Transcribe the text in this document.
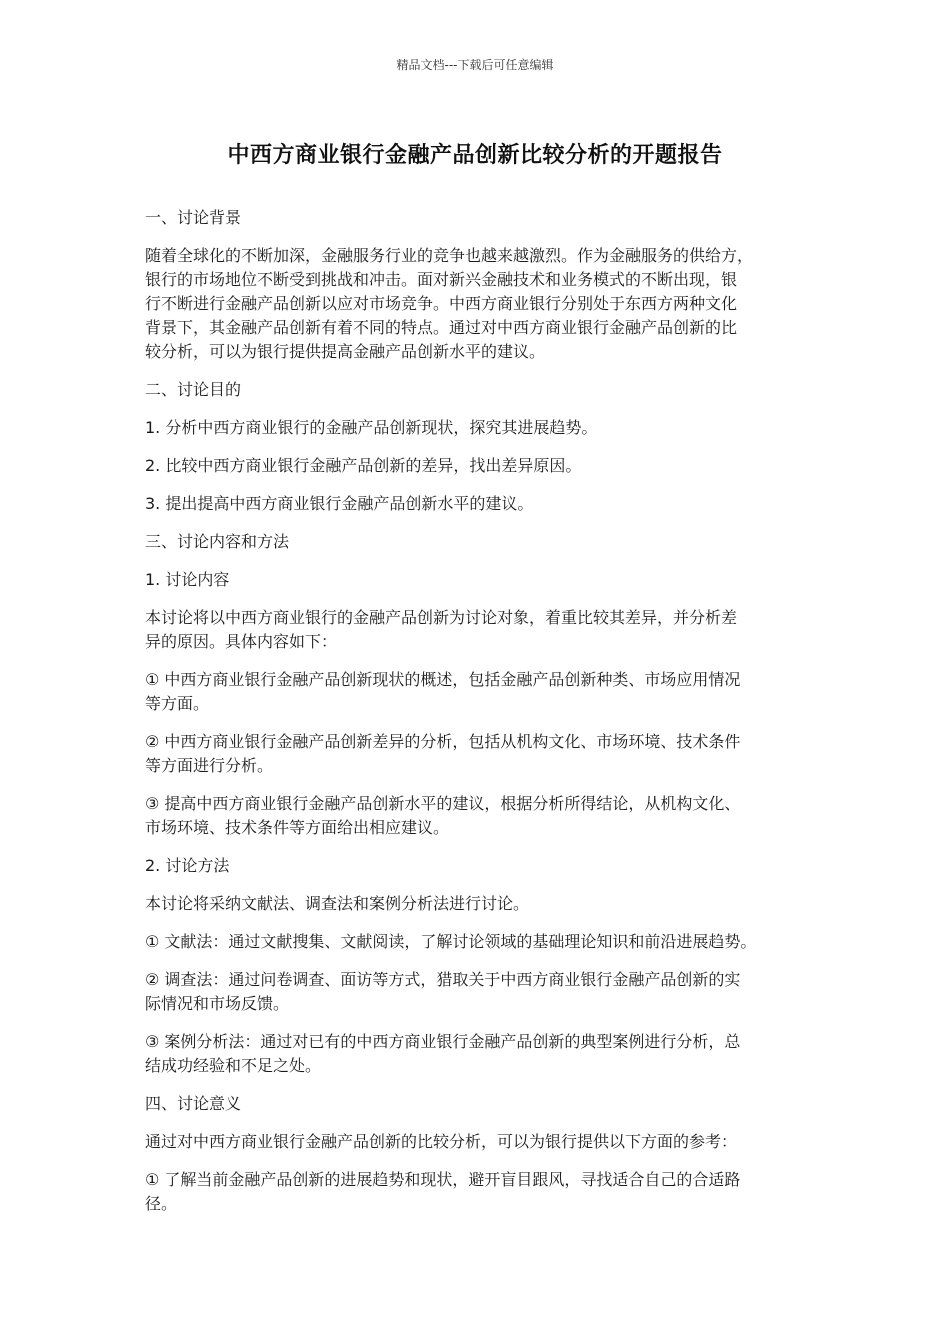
精品文档---下载后可任意编辑
中西方商业银行金融产品创新比较分析的开题报告

一、讨论背景

随着全球化的不断加深，金融服务行业的竞争也越来越激烈。作为金融服务的供给方，
银行的市场地位不断受到挑战和冲击。面对新兴金融技术和业务模式的不断出现，银
行不断进行金融产品创新以应对市场竞争。中西方商业银行分别处于东西方两种文化
背景下，其金融产品创新有着不同的特点。通过对中西方商业银行金融产品创新的比
较分析，可以为银行提供提高金融产品创新水平的建议。

二、讨论目的

1. 分析中西方商业银行的金融产品创新现状，探究其进展趋势。

2. 比较中西方商业银行金融产品创新的差异，找出差异原因。

3. 提出提高中西方商业银行金融产品创新水平的建议。

三、讨论内容和方法

1. 讨论内容

本讨论将以中西方商业银行的金融产品创新为讨论对象，着重比较其差异，并分析差
异的原因。具体内容如下：

① 中西方商业银行金融产品创新现状的概述，包括金融产品创新种类、市场应用情况
等方面。

② 中西方商业银行金融产品创新差异的分析，包括从机构文化、市场环境、技术条件
等方面进行分析。

③ 提高中西方商业银行金融产品创新水平的建议，根据分析所得结论，从机构文化、
市场环境、技术条件等方面给出相应建议。

2. 讨论方法

本讨论将采纳文献法、调查法和案例分析法进行讨论。

① 文献法：通过文献搜集、文献阅读，了解讨论领域的基础理论知识和前沿进展趋势。

② 调查法：通过问卷调查、面访等方式，猎取关于中西方商业银行金融产品创新的实
际情况和市场反馈。

③ 案例分析法：通过对已有的中西方商业银行金融产品创新的典型案例进行分析，总
结成功经验和不足之处。

四、讨论意义

通过对中西方商业银行金融产品创新的比较分析，可以为银行提供以下方面的参考：

① 了解当前金融产品创新的进展趋势和现状，避开盲目跟风，寻找适合自己的合适路
径。
